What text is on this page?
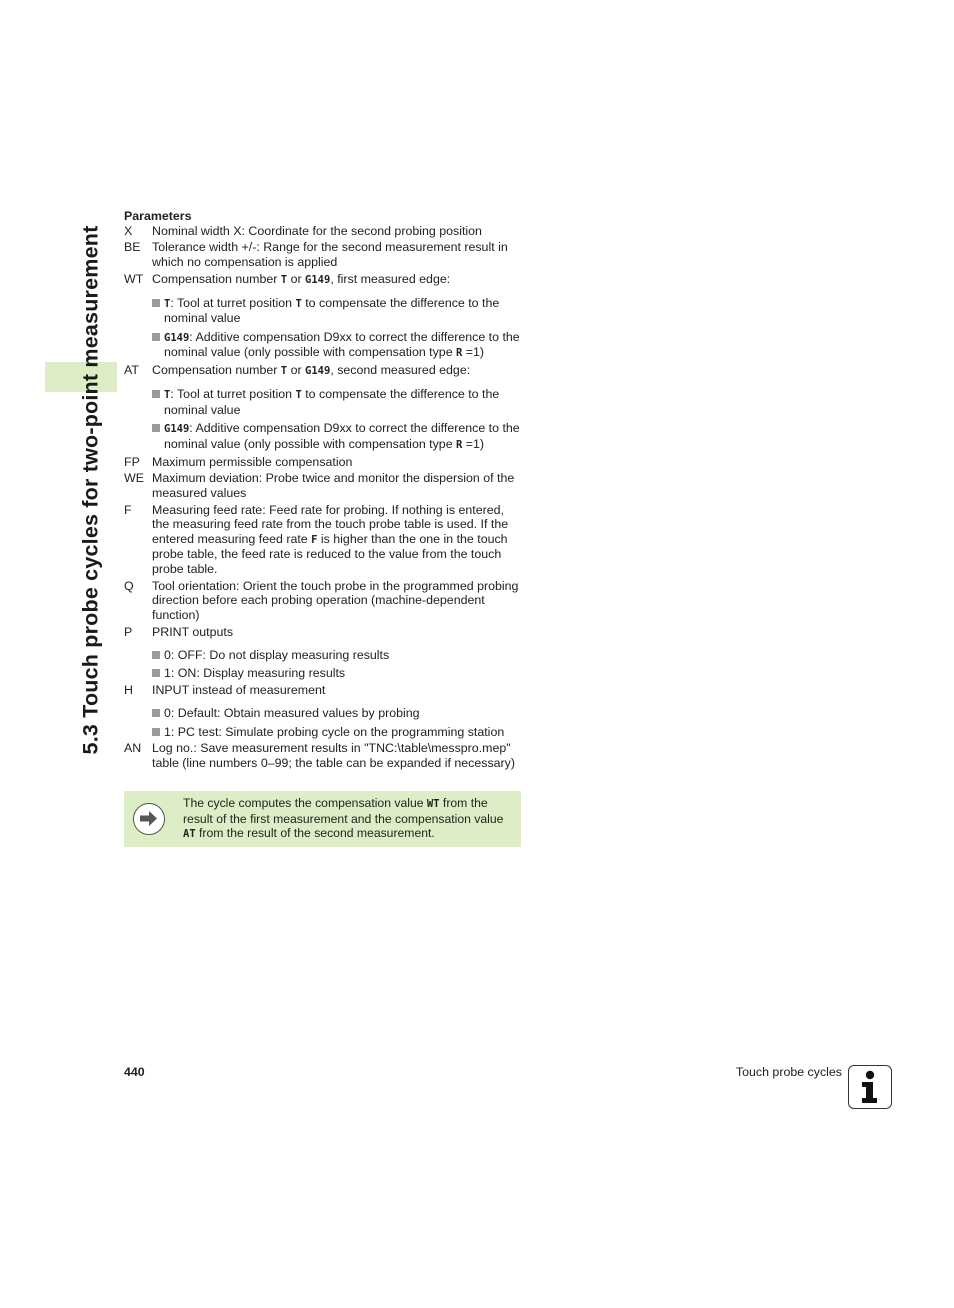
5.3 Touch probe cycles for two-point measurement
Parameters
X Nominal width X: Coordinate for the second probing position
BE Tolerance width +/-: Range for the second measurement result in which no compensation is applied
WT Compensation number T or G149, first measured edge:
T: Tool at turret position T to compensate the difference to the nominal value
G149: Additive compensation D9xx to correct the difference to the nominal value (only possible with compensation type R =1)
AT Compensation number T or G149, second measured edge:
T: Tool at turret position T to compensate the difference to the nominal value
G149: Additive compensation D9xx to correct the difference to the nominal value (only possible with compensation type R =1)
FP Maximum permissible compensation
WE Maximum deviation: Probe twice and monitor the dispersion of the measured values
F Measuring feed rate: Feed rate for probing. If nothing is entered, the measuring feed rate from the touch probe table is used. If the entered measuring feed rate F is higher than the one in the touch probe table, the feed rate is reduced to the value from the touch probe table.
Q Tool orientation: Orient the touch probe in the programmed probing direction before each probing operation (machine-dependent function)
P PRINT outputs
0: OFF: Do not display measuring results
1: ON: Display measuring results
H INPUT instead of measurement
0: Default: Obtain measured values by probing
1: PC test: Simulate probing cycle on the programming station
AN Log no.: Save measurement results in "TNC:\table\messpro.mep" table (line numbers 0–99; the table can be expanded if necessary)
The cycle computes the compensation value WT from the result of the first measurement and the compensation value AT from the result of the second measurement.
440	Touch probe cycles
